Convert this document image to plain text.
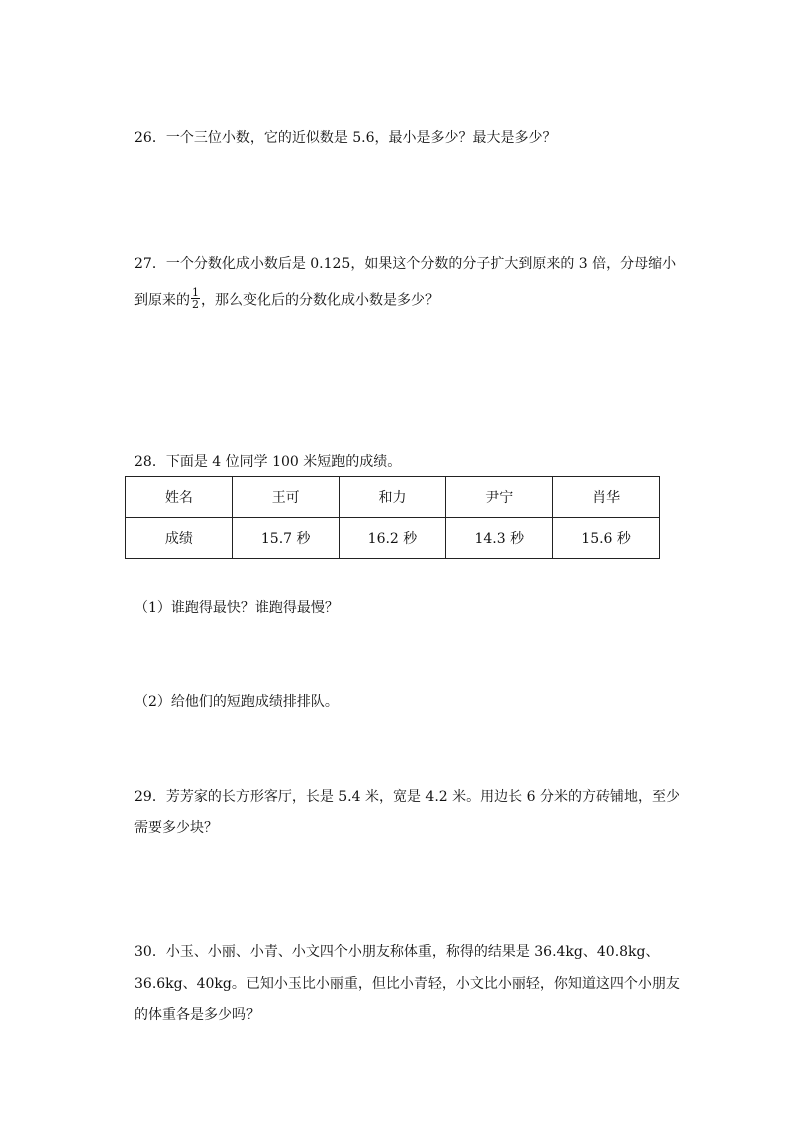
26．一个三位小数，它的近似数是 5.6，最小是多少？最大是多少？
27．一个分数化成小数后是 0.125，如果这个分数的分子扩大到原来的 3 倍，分母缩小
到原来的 $\frac{1}{2}$ ，那么变化后的分数化成小数是多少？
28．下面是 4 位同学 100 米短跑的成绩。
姓名	王可	和力	尹宁	肖华
成绩	15.7 秒	16.2 秒	14.3 秒	15.6 秒
（1）谁跑得最快？谁跑得最慢？
（2）给他们的短跑成绩排排队。
29．芳芳家的长方形客厅，长是 5.4 米，宽是 4.2 米。用边长 6 分米的方砖铺地，至少
需要多少块？
30．小玉、小丽、小青、小文四个小朋友称体重，称得的结果是 36.4kg、40.8kg、
36.6kg、40kg。已知小玉比小丽重，但比小青轻，小文比小丽轻，你知道这四个小朋友
的体重各是多少吗？
